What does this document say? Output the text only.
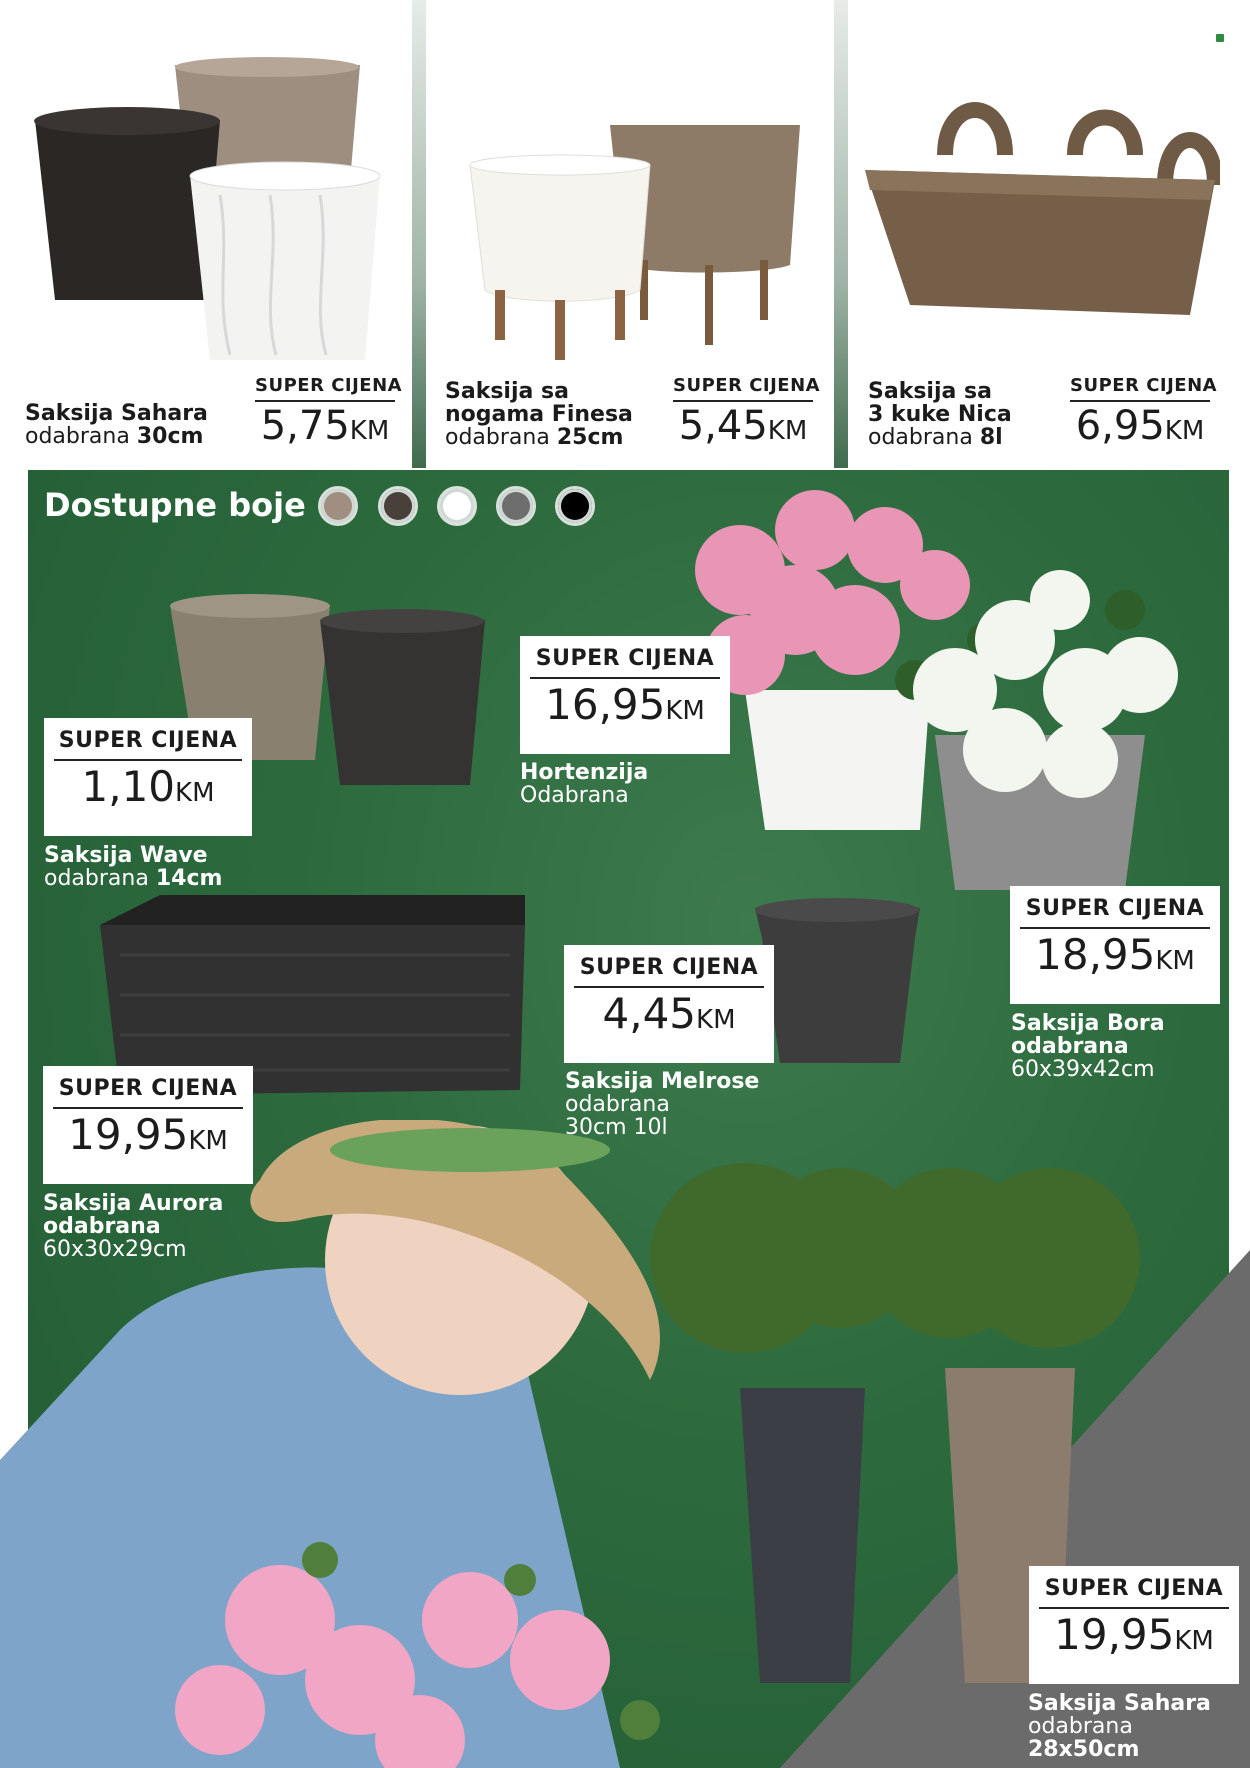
Saksija Sahara
odabrana 30cm
SUPER CIJENA
5,75KM
Saksija sa
nogama Finesa
odabrana 25cm
SUPER CIJENA
5,45KM
Saksija sa
3 kuke Nica
odabrana 8l
SUPER CIJENA
6,95KM
Dostupne boje
SUPER CIJENA
1,10KM
Saksija Wave
odabrana 14cm
SUPER CIJENA
16,95KM
Hortenzija
Odabrana
SUPER CIJENA
18,95KM
Saksija Bora
odabrana
60x39x42cm
SUPER CIJENA
4,45KM
Saksija Melrose
odabrana
30cm 10l
SUPER CIJENA
19,95KM
Saksija Aurora
odabrana
60x30x29cm
SUPER CIJENA
19,95KM
Saksija Sahara
odabrana
28x50cm
